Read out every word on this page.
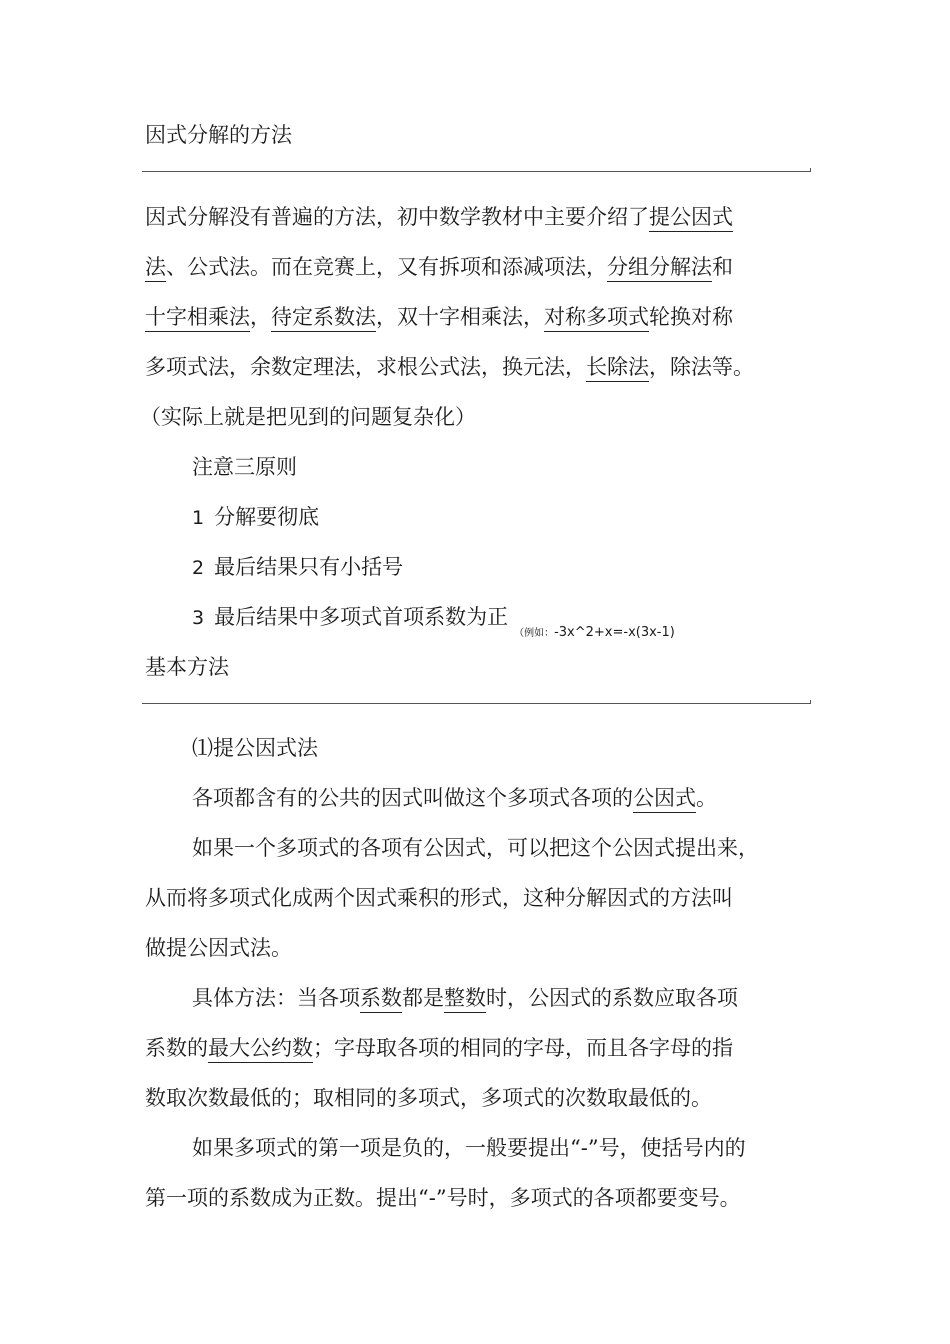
因式分解的方法
因式分解没有普遍的方法，初中数学教材中主要介绍了提公因式
法、公式法。而在竞赛上，又有拆项和添减项法，分组分解法和
十字相乘法，待定系数法，双十字相乘法，对称多项式轮换对称
多项式法，余数定理法，求根公式法，换元法，长除法，除法等。
（实际上就是把见到的问题复杂化）
注意三原则
1 分解要彻底
2 最后结果只有小括号
3 最后结果中多项式首项系数为正$_{(例如:-3x\^{}2+x=-x(3x-1)}$
基本方法
⑴提公因式法
各项都含有的公共的因式叫做这个多项式各项的公因式。
如果一个多项式的各项有公因式，可以把这个公因式提出来，
从而将多项式化成两个因式乘积的形式，这种分解因式的方法叫
做提公因式法。
具体方法：当各项系数都是整数时，公因式的系数应取各项
系数的最大公约数；字母取各项的相同的字母，而且各字母的指
数取次数最低的；取相同的多项式，多项式的次数取最低的。
如果多项式的第一项是负的，一般要提出“-”号，使括号内的
第一项的系数成为正数。提出“-”号时，多项式的各项都要变号。
